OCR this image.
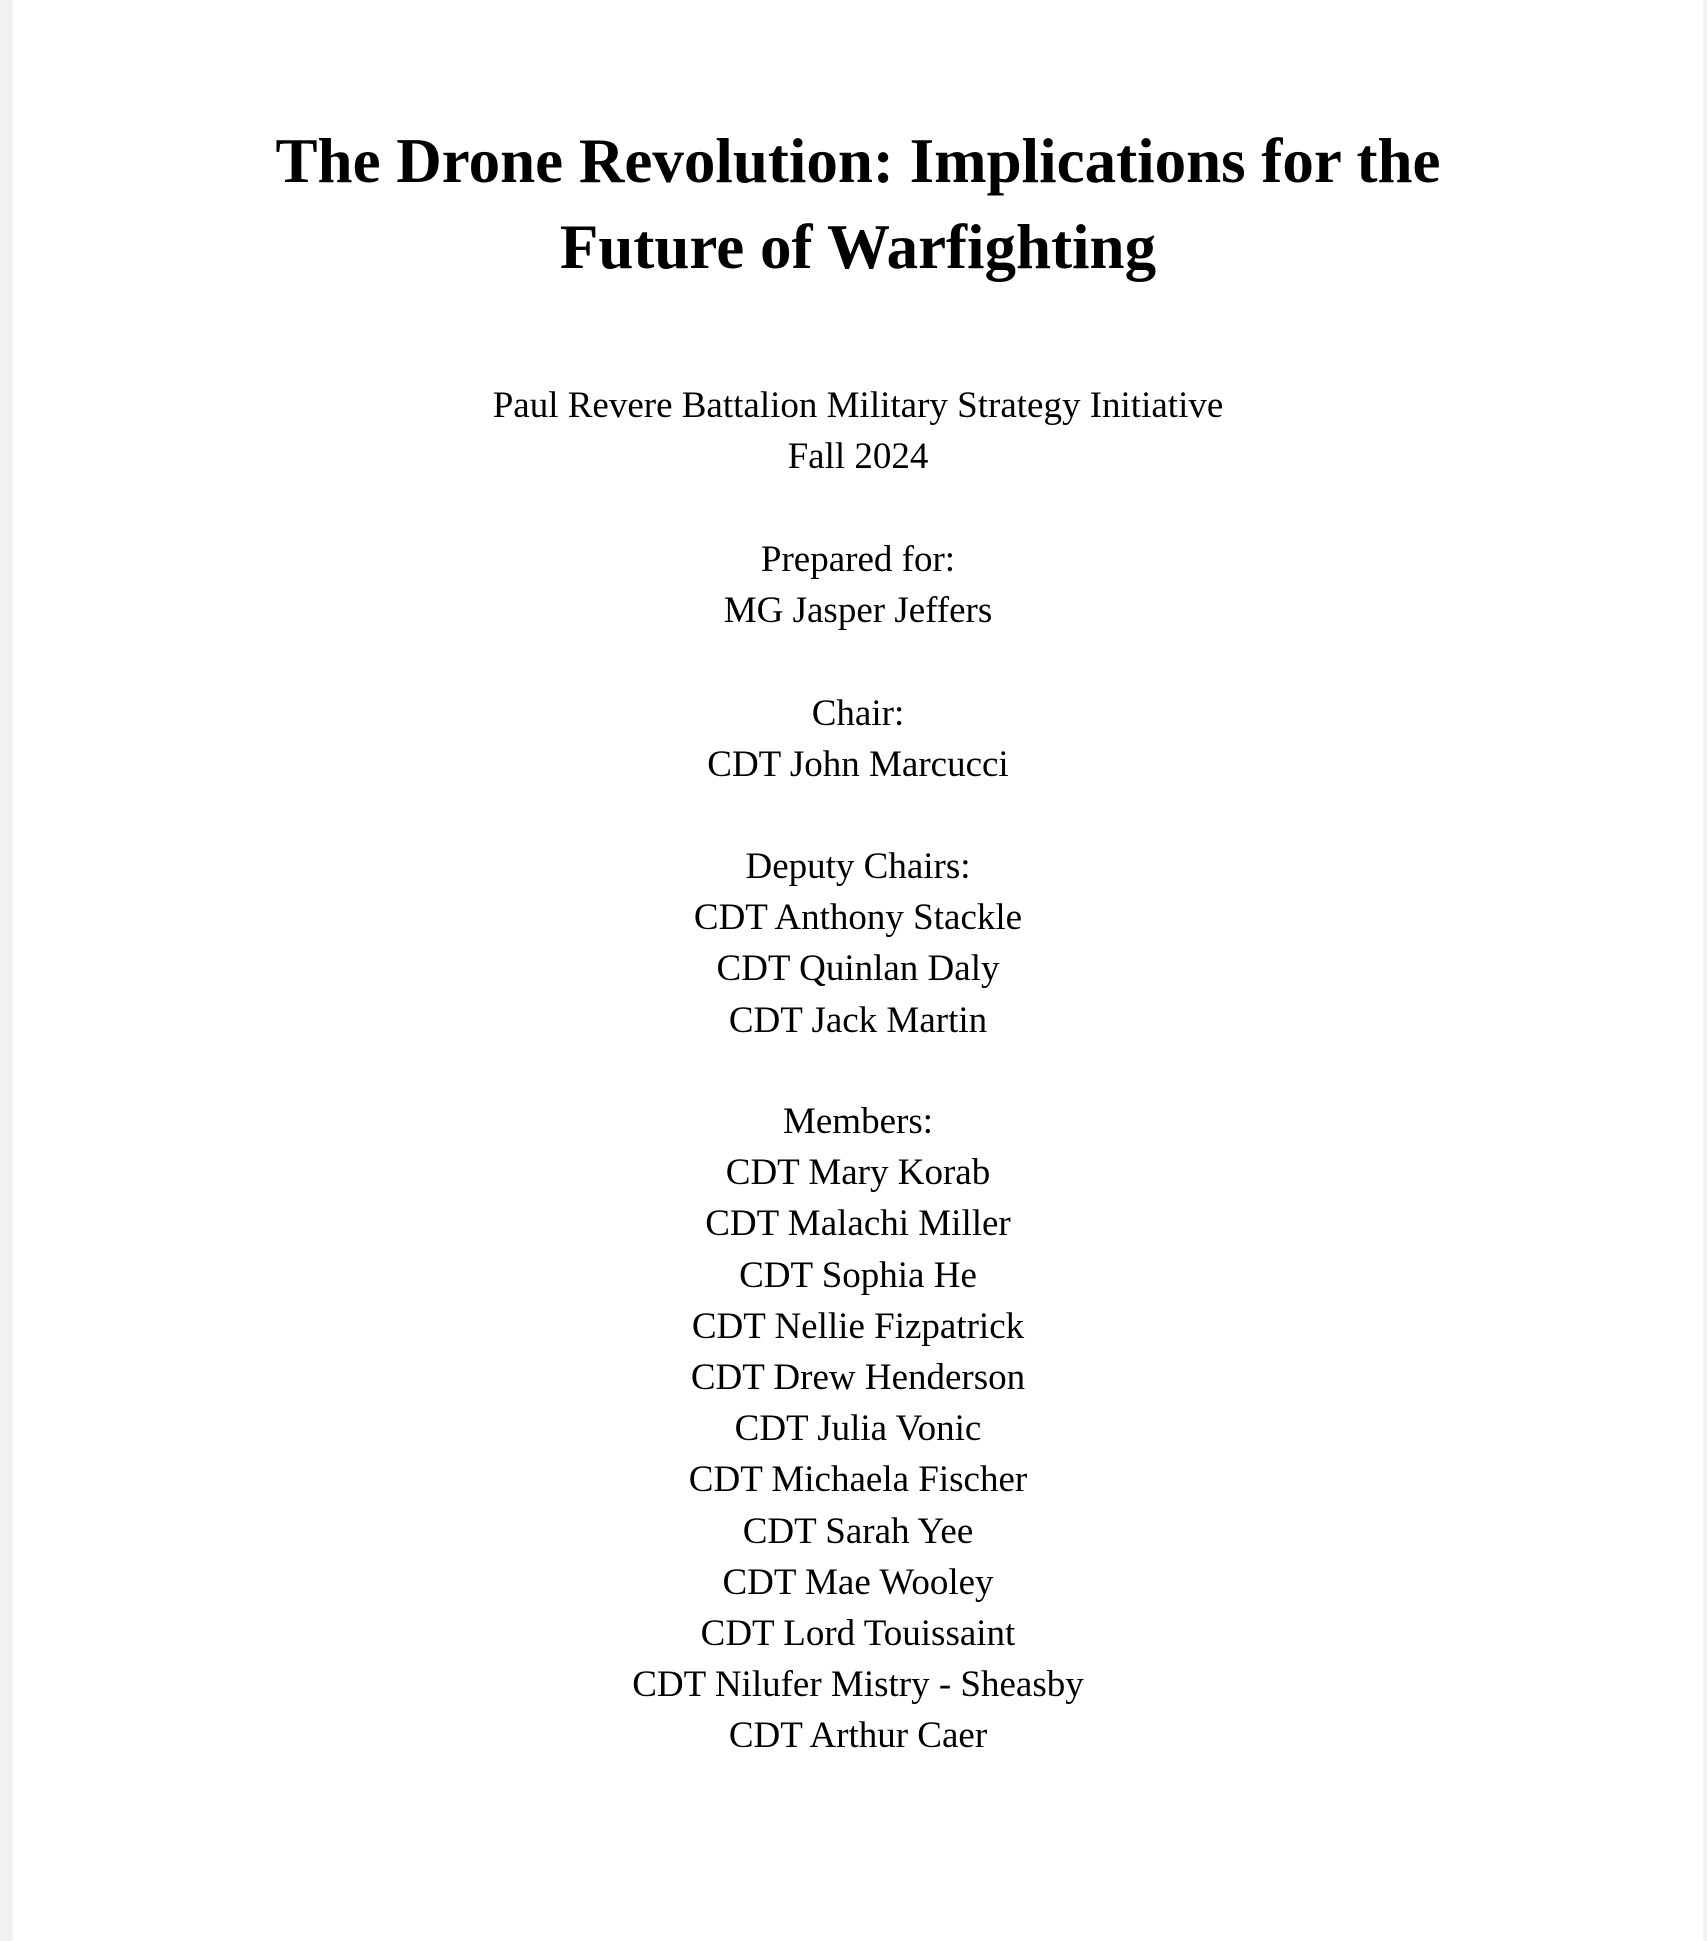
The Drone Revolution: Implications for the
Future of Warfighting
Paul Revere Battalion Military Strategy Initiative
Fall 2024
Prepared for:
MG Jasper Jeffers
Chair:
CDT John Marcucci
Deputy Chairs:
CDT Anthony Stackle
CDT Quinlan Daly
CDT Jack Martin
Members:
CDT Mary Korab
CDT Malachi Miller
CDT Sophia He
CDT Nellie Fizpatrick
CDT Drew Henderson
CDT Julia Vonic
CDT Michaela Fischer
CDT Sarah Yee
CDT Mae Wooley
CDT Lord Touissaint
CDT Nilufer Mistry - Sheasby
CDT Arthur Caer
